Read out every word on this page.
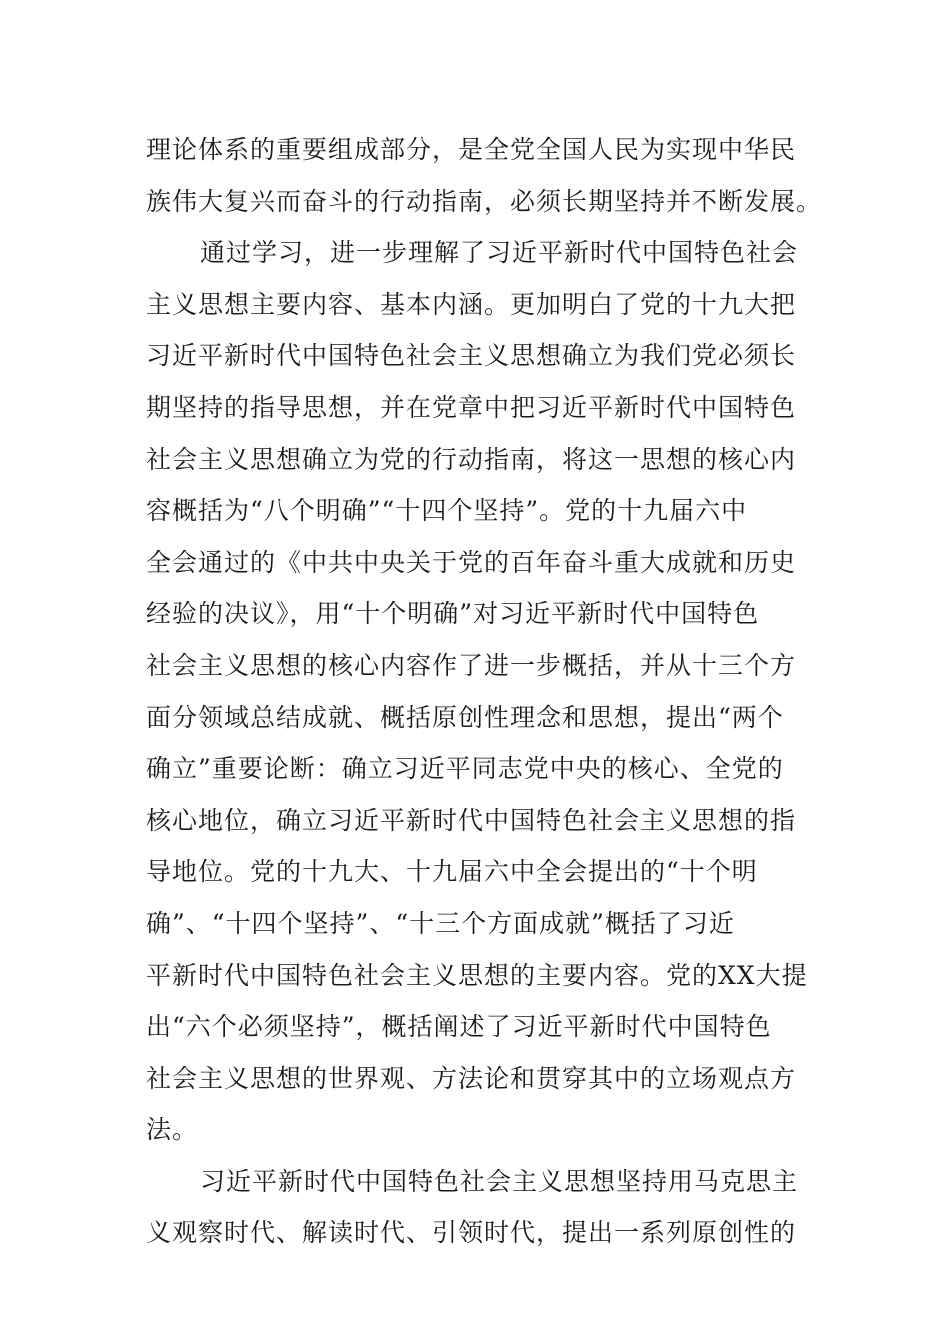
理论体系的重要组成部分，是全党全国人民为实现中华民
族伟大复兴而奋斗的行动指南，必须长期坚持并不断发展。
通过学习，进一步理解了习近平新时代中国特色社会
主义思想主要内容、基本内涵。更加明白了党的十九大把
习近平新时代中国特色社会主义思想确立为我们党必须长
期坚持的指导思想，并在党章中把习近平新时代中国特色
社会主义思想确立为党的行动指南，将这一思想的核心内
容概括为“八个明确”“十四个坚持”。党的十九届六中
全会通过的《中共中央关于党的百年奋斗重大成就和历史
经验的决议》，用“十个明确”对习近平新时代中国特色
社会主义思想的核心内容作了进一步概括，并从十三个方
面分领域总结成就、概括原创性理念和思想，提出“两个
确立”重要论断：确立习近平同志党中央的核心、全党的
核心地位，确立习近平新时代中国特色社会主义思想的指
导地位。党的十九大、十九届六中全会提出的“十个明
确”、“十四个坚持”、“十三个方面成就”概括了习近
平新时代中国特色社会主义思想的主要内容。党的XX大提
出“六个必须坚持”，概括阐述了习近平新时代中国特色
社会主义思想的世界观、方法论和贯穿其中的立场观点方
法。
习近平新时代中国特色社会主义思想坚持用马克思主
义观察时代、解读时代、引领时代，提出一系列原创性的
